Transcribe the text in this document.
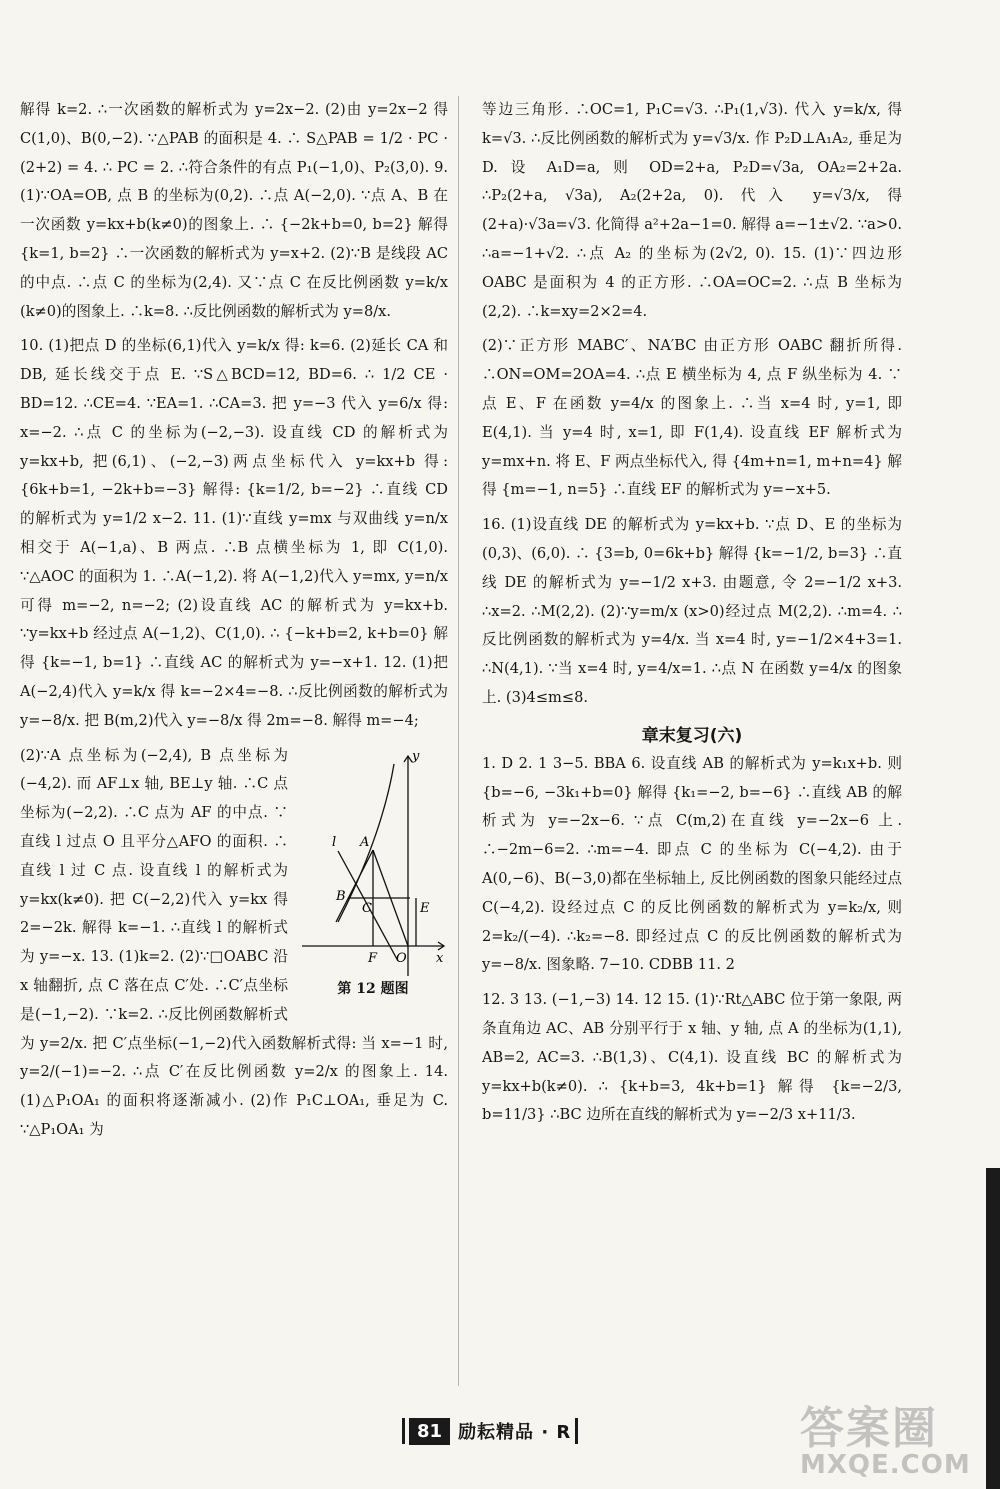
解得 k=2. ∴一次函数的解析式为 y=2x−2. (2)由 y=2x−2 得 C(1,0)、B(0,−2). ∵△PAB 的面积是 4. ∴ S△PAB = 1/2 · PC · (2+2) = 4. ∴ PC = 2. ∴符合条件的有点 P₁(−1,0)、P₂(3,0). 9. (1)∵OA=OB, 点 B 的坐标为(0,2). ∴点 A(−2,0). ∵点 A、B 在一次函数 y=kx+b(k≠0)的图象上. ∴ {−2k+b=0, b=2} 解得 {k=1, b=2} ∴一次函数的解析式为 y=x+2. (2)∵B 是线段 AC 的中点. ∴点 C 的坐标为(2,4). 又∵点 C 在反比例函数 y=k/x (k≠0)的图象上. ∴k=8. ∴反比例函数的解析式为 y=8/x.

10. (1)把点 D 的坐标(6,1)代入 y=k/x 得: k=6. (2)延长 CA 和 DB, 延长线交于点 E. ∵S△BCD=12, BD=6. ∴ 1/2 CE · BD=12. ∴CE=4. ∵EA=1. ∴CA=3. 把 y=−3 代入 y=6/x 得: x=−2. ∴点 C 的坐标为(−2,−3). 设直线 CD 的解析式为 y=kx+b, 把(6,1)、(−2,−3)两点坐标代入 y=kx+b 得: {6k+b=1, −2k+b=−3} 解得: {k=1/2, b=−2} ∴直线 CD 的解析式为 y=1/2 x−2. 11. (1)∵直线 y=mx 与双曲线 y=n/x 相交于 A(−1,a)、B 两点. ∴B 点横坐标为 1, 即 C(1,0). ∵△AOC 的面积为 1. ∴A(−1,2). 将 A(−1,2)代入 y=mx, y=n/x 可得 m=−2, n=−2; (2)设直线 AC 的解析式为 y=kx+b. ∵y=kx+b 经过点 A(−1,2)、C(1,0). ∴ {−k+b=2, k+b=0} 解得 {k=−1, b=1} ∴直线 AC 的解析式为 y=−x+1. 12. (1)把 A(−2,4)代入 y=k/x 得 k=−2×4=−8. ∴反比例函数的解析式为 y=−8/x. 把 B(m,2)代入 y=−8/x 得 2m=−8. 解得 m=−4;

y
x
l A
B
C	E
F O
第 12 题图

(2)∵A 点坐标为(−2,4), B 点坐标为(−4,2). 而 AF⊥x 轴, BE⊥y 轴. ∴C 点坐标为(−2,2). ∴C 点为 AF 的中点. ∵直线 l 过点 O 且平分△AFO 的面积. ∴直线 l 过 C 点. 设直线 l 的解析式为 y=kx(k≠0). 把 C(−2,2)代入 y=kx 得 2=−2k. 解得 k=−1. ∴直线 l 的解析式为 y=−x. 13. (1)k=2. (2)∵□OABC 沿 x 轴翻折, 点 C 落在点 C′处. ∴C′点坐标是(−1,−2). ∵k=2. ∴反比例函数解析式为 y=2/x. 把 C′点坐标(−1,−2)代入函数解析式得: 当 x=−1 时, y=2/(−1)=−2. ∴点 C′在反比例函数 y=2/x 的图象上. 14. (1)△P₁OA₁ 的面积将逐渐减小. (2)作 P₁C⊥OA₁, 垂足为 C. ∵△P₁OA₁ 为

等边三角形. ∴OC=1, P₁C=√3. ∴P₁(1,√3). 代入 y=k/x, 得 k=√3. ∴反比例函数的解析式为 y=√3/x. 作 P₂D⊥A₁A₂, 垂足为 D. 设 A₁D=a, 则 OD=2+a, P₂D=√3a, OA₂=2+2a. ∴P₂(2+a, √3a), A₂(2+2a, 0). 代入 y=√3/x, 得(2+a)·√3a=√3. 化简得 a²+2a−1=0. 解得 a=−1±√2. ∵a>0. ∴a=−1+√2. ∴点 A₂ 的坐标为(2√2, 0). 15. (1)∵四边形 OABC 是面积为 4 的正方形. ∴OA=OC=2. ∴点 B 坐标为(2,2). ∴k=xy=2×2=4.

(2)∵正方形 MABC′、NA′BC 由正方形 OABC 翻折所得. ∴ON=OM=2OA=4. ∴点 E 横坐标为 4, 点 F 纵坐标为 4. ∵点 E、F 在函数 y=4/x 的图象上. ∴当 x=4 时, y=1, 即 E(4,1). 当 y=4 时, x=1, 即 F(1,4). 设直线 EF 解析式为 y=mx+n. 将 E、F 两点坐标代入, 得 {4m+n=1, m+n=4} 解得 {m=−1, n=5} ∴直线 EF 的解析式为 y=−x+5.

16. (1)设直线 DE 的解析式为 y=kx+b. ∵点 D、E 的坐标为(0,3)、(6,0). ∴ {3=b, 0=6k+b} 解得 {k=−1/2, b=3} ∴直线 DE 的解析式为 y=−1/2 x+3. 由题意, 令 2=−1/2 x+3. ∴x=2. ∴M(2,2). (2)∵y=m/x (x>0)经过点 M(2,2). ∴m=4. ∴反比例函数的解析式为 y=4/x. 当 x=4 时, y=−1/2×4+3=1. ∴N(4,1). ∵当 x=4 时, y=4/x=1. ∴点 N 在函数 y=4/x 的图象上. (3)4≤m≤8.

章末复习(六)

1. D 2. 1 3−5. BBA 6. 设直线 AB 的解析式为 y=k₁x+b. 则 {b=−6, −3k₁+b=0} 解得 {k₁=−2, b=−6} ∴直线 AB 的解析式为 y=−2x−6. ∵点 C(m,2)在直线 y=−2x−6 上. ∴−2m−6=2. ∴m=−4. 即点 C 的坐标为 C(−4,2). 由于 A(0,−6)、B(−3,0)都在坐标轴上, 反比例函数的图象只能经过点 C(−4,2). 设经过点 C 的反比例函数的解析式为 y=k₂/x, 则 2=k₂/(−4). ∴k₂=−8. 即经过点 C 的反比例函数的解析式为 y=−8/x. 图象略. 7−10. CDBB 11. 2

12. 3 13. (−1,−3) 14. 12 15. (1)∵Rt△ABC 位于第一象限, 两条直角边 AC、AB 分别平行于 x 轴、y 轴, 点 A 的坐标为(1,1), AB=2, AC=3. ∴B(1,3)、C(4,1). 设直线 BC 的解析式为 y=kx+b(k≠0). ∴ {k+b=3, 4k+b=1} 解得 {k=−2/3, b=11/3} ∴BC 边所在直线的解析式为 y=−2/3 x+11/3.

81 励耘精品 · R	答案圈
MXQE.COM
